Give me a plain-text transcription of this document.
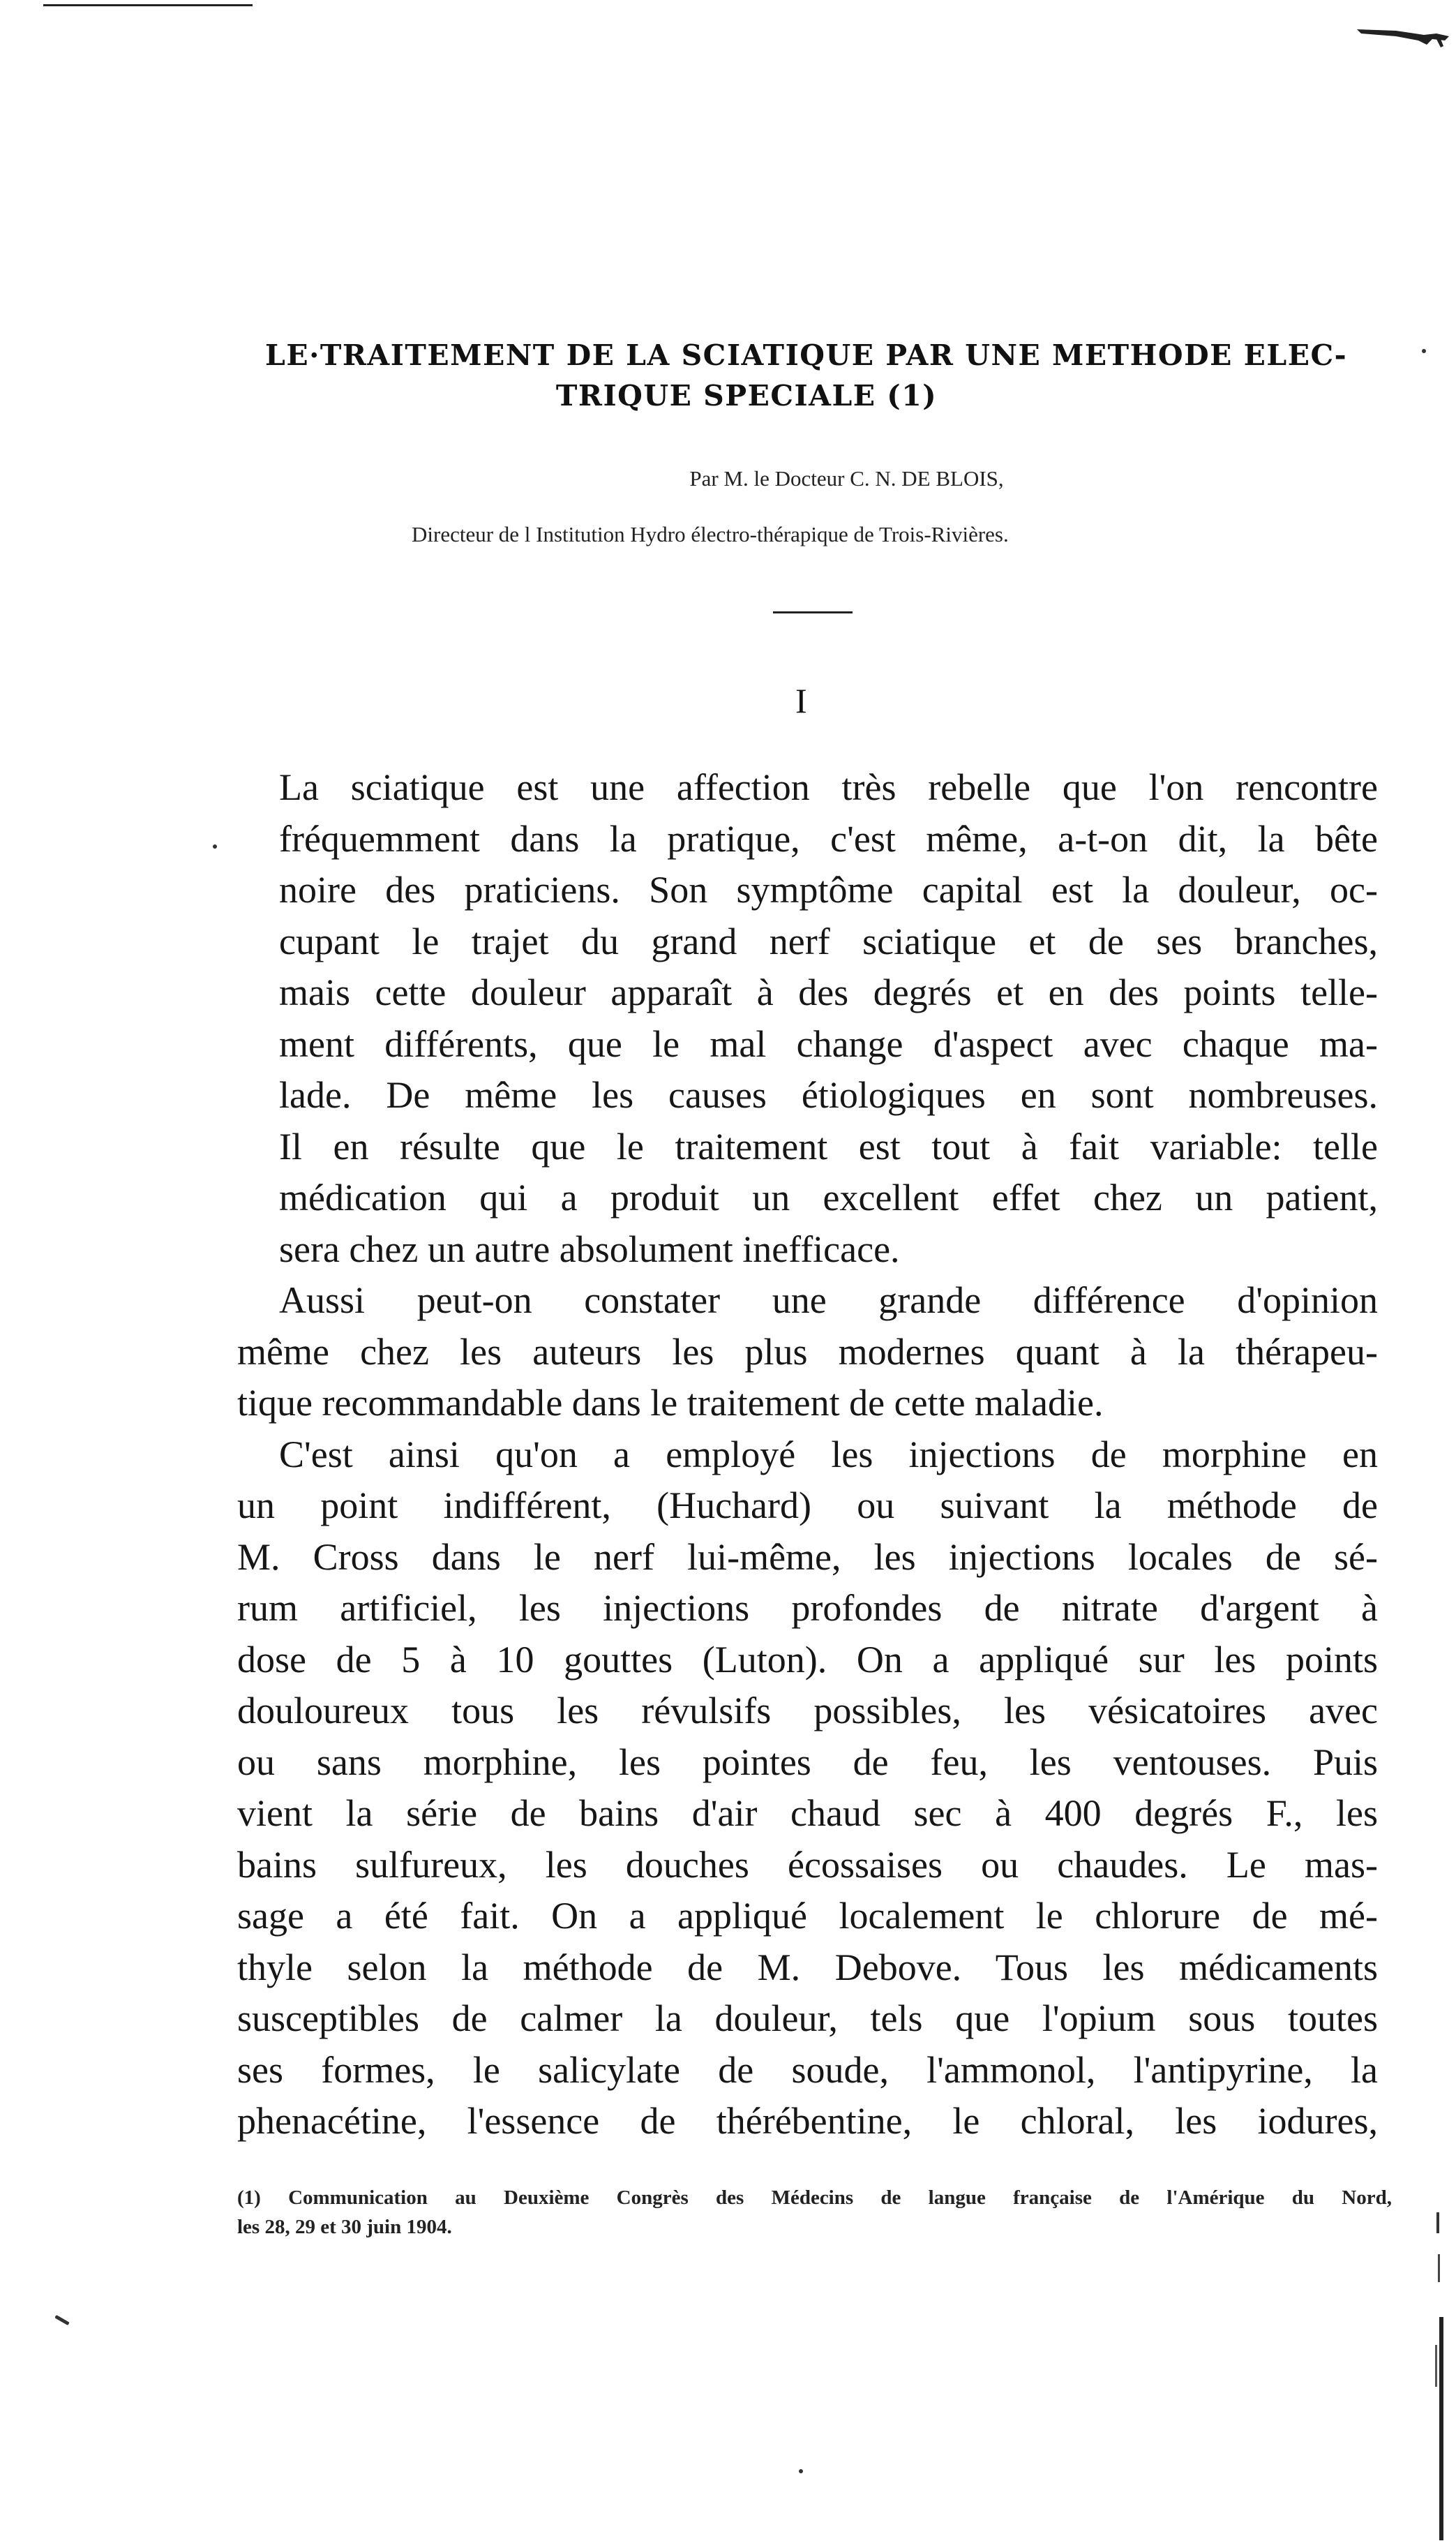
LE·TRAITEMENT DE LA SCIATIQUE PAR UNE METHODE ELEC-
TRIQUE SPECIALE (1)
Par M. le Docteur C. N. DE BLOIS,
Directeur de l Institution Hydro électro-thérapique de Trois-Rivières.
I

La sciatique est une affection très rebelle que l'on rencontre
fréquemment dans la pratique, c'est même, a-t-on dit, la bête
noire des praticiens. Son symptôme capital est la douleur, oc-
cupant le trajet du grand nerf sciatique et de ses branches,
mais cette douleur apparaît à des degrés et en des points telle-
ment différents, que le mal change d'aspect avec chaque ma-
lade. De même les causes étiologiques en sont nombreuses.
Il en résulte que le traitement est tout à fait variable: telle
médication qui a produit un excellent effet chez un patient,
sera chez un autre absolument inefficace.

Aussi peut-on constater une grande différence d'opinion
même chez les auteurs les plus modernes quant à la thérapeu-
tique recommandable dans le traitement de cette maladie.

C'est ainsi qu'on a employé les injections de morphine en
un point indifférent, (Huchard) ou suivant la méthode de
M. Cross dans le nerf lui-même, les injections locales de sé-
rum artificiel, les injections profondes de nitrate d'argent à
dose de 5 à 10 gouttes (Luton). On a appliqué sur les points
douloureux tous les révulsifs possibles, les vésicatoires avec
ou sans morphine, les pointes de feu, les ventouses. Puis
vient la série de bains d'air chaud sec à 400 degrés F., les
bains sulfureux, les douches écossaises ou chaudes. Le mas-
sage a été fait. On a appliqué localement le chlorure de mé-
thyle selon la méthode de M. Debove. Tous les médicaments
susceptibles de calmer la douleur, tels que l'opium sous toutes
ses formes, le salicylate de soude, l'ammonol, l'antipyrine, la
phenacétine, l'essence de thérébentine, le chloral, les iodures,

(1) Communication au Deuxième Congrès des Médecins de langue française de l'Amérique du Nord,
les 28, 29 et 30 juin 1904.
